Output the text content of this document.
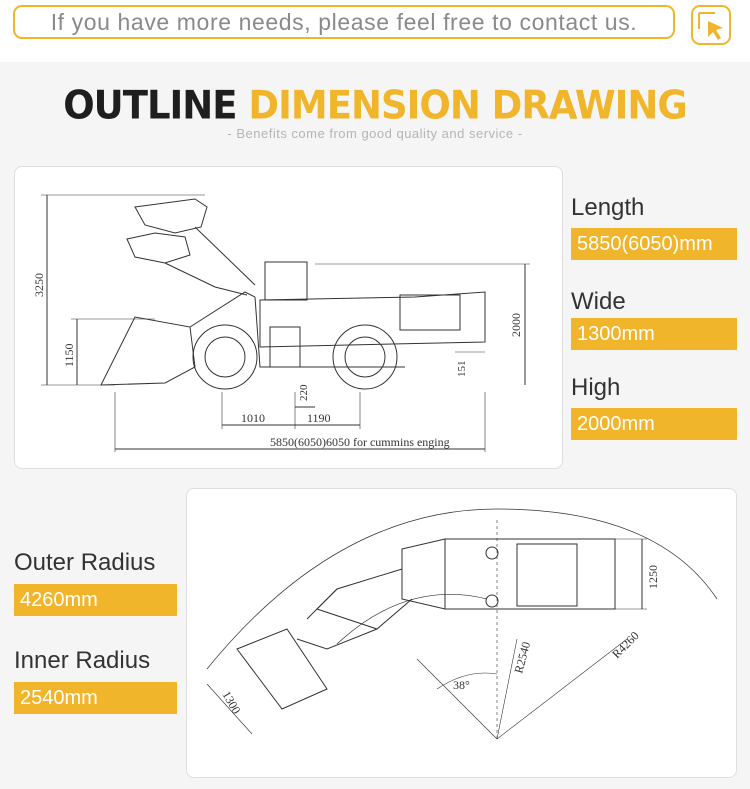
If you have more needs, please feel free to contact us.
OUTLINE DIMENSION DRAWING
- Benefits come from good quality and service -
3250
1150
2000
151
220
1010	1190
5850(6050)6050 for cummins enging
Length
5850(6050)mm
Wide
1300mm
High
2000mm
1250
R4260
R2540
38°
1300
Outer Radius
4260mm
Inner Radius
2540mm
